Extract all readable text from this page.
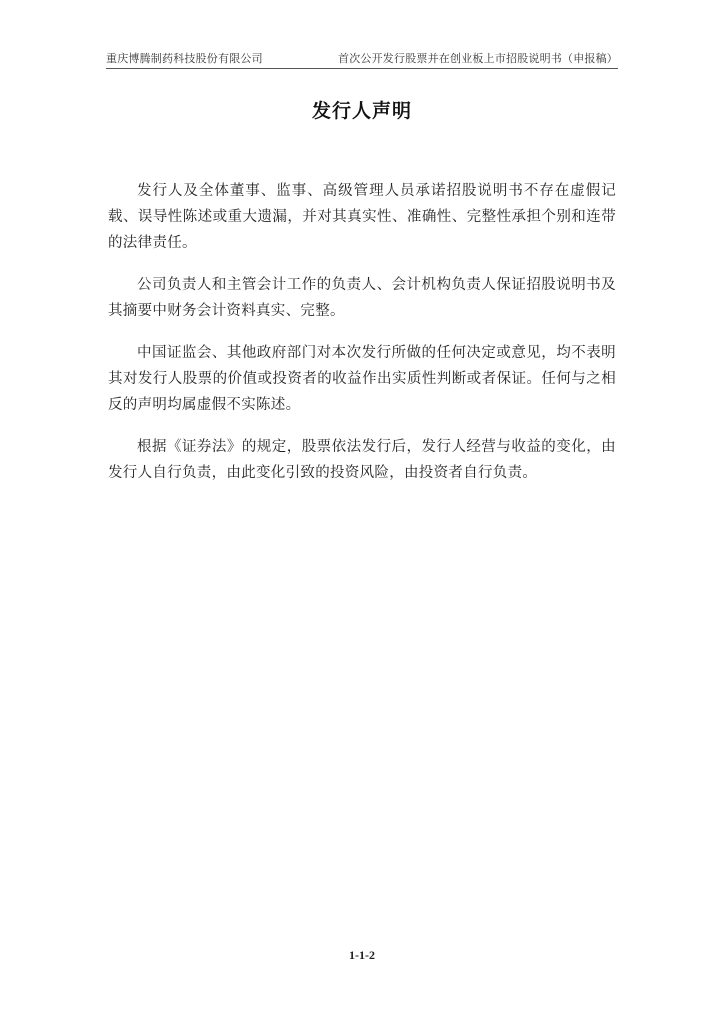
重庆博腾制药科技股份有限公司	首次公开发行股票并在创业板上市招股说明书（申报稿）
发行人声明

发行人及全体董事、监事、高级管理人员承诺招股说明书不存在虚假记载、误导性陈述或重大遗漏，并对其真实性、准确性、完整性承担个别和连带的法律责任。

公司负责人和主管会计工作的负责人、会计机构负责人保证招股说明书及其摘要中财务会计资料真实、完整。

中国证监会、其他政府部门对本次发行所做的任何决定或意见，均不表明其对发行人股票的价值或投资者的收益作出实质性判断或者保证。任何与之相反的声明均属虚假不实陈述。

根据《证券法》的规定，股票依法发行后，发行人经营与收益的变化，由发行人自行负责，由此变化引致的投资风险，由投资者自行负责。

1-1-2
